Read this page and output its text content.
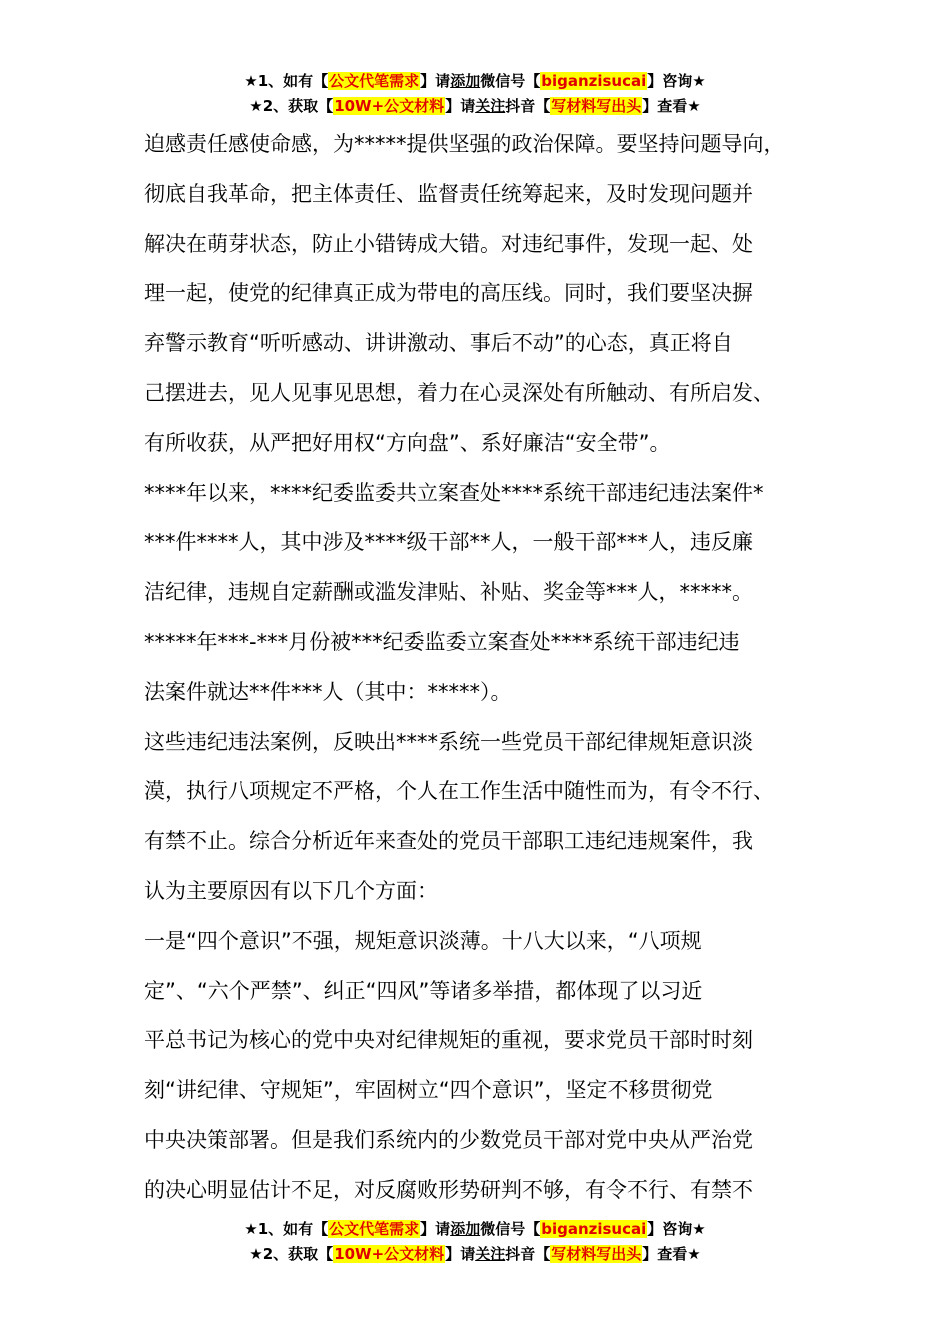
★1、如有【公文代笔需求】请添加微信号【biganzisucai】咨询★
★2、获取【10W+公文材料】请关注抖音【写材料写出头】查看★
迫感责任感使命感，为*****提供坚强的政治保障。要坚持问题导向，
彻底自我革命，把主体责任、监督责任统筹起来，及时发现问题并
解决在萌芽状态，防止小错铸成大错。对违纪事件，发现一起、处
理一起，使党的纪律真正成为带电的高压线。同时，我们要坚决摒
弃警示教育“听听感动、讲讲激动、事后不动”的心态，真正将自
己摆进去，见人见事见思想，着力在心灵深处有所触动、有所启发、
有所收获，从严把好用权“方向盘”、系好廉洁“安全带”。
****年以来，****纪委监委共立案查处****系统干部违纪违法案件*
***件****人，其中涉及****级干部**人，一般干部***人，违反廉
洁纪律，违规自定薪酬或滥发津贴、补贴、奖金等***人，*****。
*****年***-***月份被***纪委监委立案查处****系统干部违纪违
法案件就达**件***人（其中：*****）。
这些违纪违法案例，反映出****系统一些党员干部纪律规矩意识淡
漠，执行八项规定不严格，个人在工作生活中随性而为，有令不行、
有禁不止。综合分析近年来查处的党员干部职工违纪违规案件，我
认为主要原因有以下几个方面：
一是“四个意识”不强，规矩意识淡薄。十八大以来，“八项规
定”、“六个严禁”、纠正“四风”等诸多举措，都体现了以习近
平总书记为核心的党中央对纪律规矩的重视，要求党员干部时时刻
刻“讲纪律、守规矩”，牢固树立“四个意识”，坚定不移贯彻党
中央决策部署。但是我们系统内的少数党员干部对党中央从严治党
的决心明显估计不足，对反腐败形势研判不够，有令不行、有禁不
★1、如有【公文代笔需求】请添加微信号【biganzisucai】咨询★
★2、获取【10W+公文材料】请关注抖音【写材料写出头】查看★
